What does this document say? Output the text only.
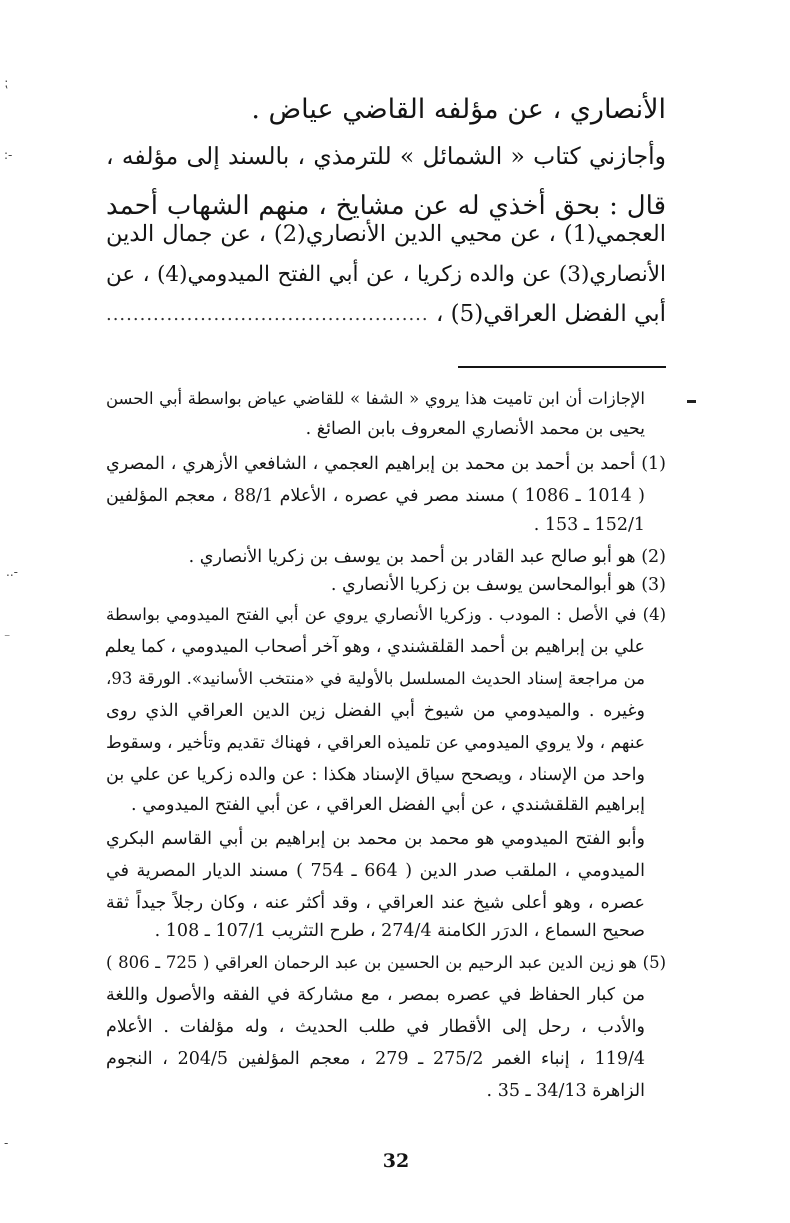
⁏
:-
..-
⁻
-
الأنصاري ، عن مؤلفه القاضي عياض .
وأجازني كتاب « الشمائل » للترمذي ، بالسند إلى مؤلفه ،
قال : بحق أخذي له عن مشايخ ، منهم الشهاب أحمد
العجمي(1) ، عن محيي الدين الأنصاري(2) ، عن جمال الدين
الأنصاري(3) عن والده زكريا ، عن أبي الفتح الميدومي(4) ، عن
أبي الفضل العراقي(5) ، ................................................
الإجازات أن ابن تاميت هذا يروي « الشفا » للقاضي عياض بواسطة أبي الحسن
يحيى بن محمد الأنصاري المعروف بابن الصائغ .
(1) أحمد بن أحمد بن محمد بن إبراهيم العجمي ، الشافعي الأزهري ، المصري
( 1014 ـ 1086 ) مسند مصر في عصره ، الأعلام 88/1 ، معجم المؤلفين
152/1 ـ 153 .
(2) هو أبو صالح عبد القادر بن أحمد بن يوسف بن زكريا الأنصاري .
(3) هو أبوالمحاسن يوسف بن زكريا الأنصاري .
(4) في الأصل : المودب . وزكريا الأنصاري يروي عن أبي الفتح الميدومي بواسطة
علي بن إبراهيم بن أحمد القلقشندي ، وهو آخر أصحاب الميدومي ، كما يعلم
من مراجعة إسناد الحديث المسلسل بالأولية في «منتخب الأسانيد». الورقة 93،
وغيره . والميدومي من شيوخ أبي الفضل زين الدين العراقي الذي روى
عنهم ، ولا يروي الميدومي عن تلميذه العراقي ، فهناك تقديم وتأخير ، وسقوط
واحد من الإسناد ، ويصحح سياق الإسناد هكذا : عن والده زكريا عن علي بن
إبراهيم القلقشندي ، عن أبي الفضل العراقي ، عن أبي الفتح الميدومي .
وأبو الفتح الميدومي هو محمد بن محمد بن إبراهيم بن أبي القاسم البكري
الميدومي ، الملقب صدر الدين ( 664 ـ 754 ) مسند الديار المصرية في
عصره ، وهو أعلى شيخ عند العراقي ، وقد أكثر عنه ، وكان رجلاً جيداً ثقة
صحيح السماع ، الدرَر الكامنة 274/4 ، طرح التثريب 107/1 ـ 108 .
(5) هو زين الدين عبد الرحيم بن الحسين بن عبد الرحمان العراقي ( 725 ـ 806 )
من كبار الحفاظ في عصره بمصر ، مع مشاركة في الفقه والأصول واللغة
والأدب ، رحل إلى الأقطار في طلب الحديث ، وله مؤلفات . الأعلام
119/4 ، إنباء الغمر 275/2 ـ 279 ، معجم المؤلفين 204/5 ، النجوم
الزاهرة 34/13 ـ 35 .
32
